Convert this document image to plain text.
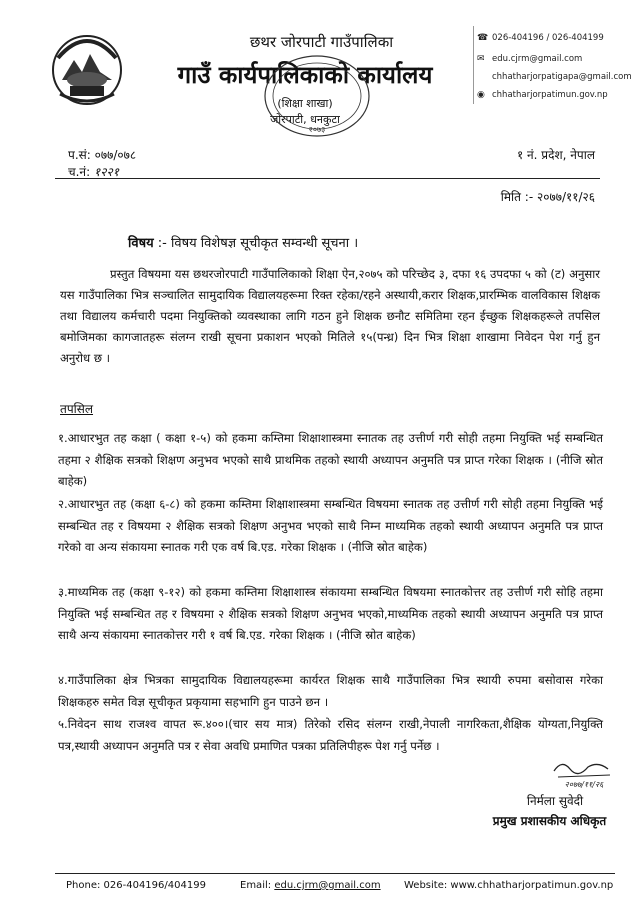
छथर जोरपाटी गाउँपालिका
गाउँ कार्यपालिकाको कार्यालय
(शिक्षा शाखा)
जोरपाटी, धनकुटा
२०७३
☎ 026-404196 / 026-404199
✉ edu.cjrm@gmail.com
chhatharjorpatigapa@gmail.com
◉ chhatharjorpatimun.gov.np
प.सं: ०७७/०७८
च.नं: १२२१
१ नं. प्रदेश, नेपाल
मिति :- २०७७/११/२६
विषय :- विषय विशेषज्ञ सूचीकृत सम्वन्धी सूचना ।
प्रस्तुत विषयमा यस छथरजोरपाटी गाउँपालिकाको शिक्षा ऐन,२०७५ को परिच्छेद ३, दफा १६ उपदफा ५ को (ट) अनुसार यस गाउँपालिका भित्र सञ्चालित सामुदायिक विद्यालयहरूमा रिक्त रहेका/रहने अस्थायी,करार शिक्षक,प्रारम्भिक वालविकास शिक्षक तथा विद्यालय कर्मचारी पदमा नियुक्तिको व्यवस्थाका लागि गठन हुने शिक्षक छनौट समितिमा रहन ईच्छुक शिक्षकहरूले तपसिल बमोजिमका कागजातहरू संलग्न राखी सूचना प्रकाशन भएको मितिले १५(पन्ध्र) दिन भित्र शिक्षा शाखामा निवेदन पेश गर्नु हुन अनुरोध छ ।
तपसिल
१.आधारभुत तह कक्षा ( कक्षा १-५) को हकमा कम्तिमा शिक्षाशास्त्रमा स्नातक तह उत्तीर्ण गरी सोही तहमा नियुक्ति भई सम्बन्धित तहमा २ शैक्षिक सत्रको शिक्षण अनुभव भएको साथै प्राथमिक तहको स्थायी अध्यापन अनुमति पत्र प्राप्त गरेका शिक्षक । (नीजि स्रोत बाहेक)
२.आधारभुत तह (कक्षा ६-८) को हकमा कम्तिमा शिक्षाशास्त्रमा सम्बन्धित विषयमा स्नातक तह उत्तीर्ण गरी सोही तहमा नियुक्ति भई सम्बन्धित तह र विषयमा २ शैक्षिक सत्रको शिक्षण अनुभव भएको साथै निम्न माध्यमिक तहको स्थायी अध्यापन अनुमति पत्र प्राप्त गरेको वा अन्य संकायमा स्नातक गरी एक वर्ष बि.एड. गरेका शिक्षक । (नीजि स्रोत बाहेक)
३.माध्यमिक तह (कक्षा ९-१२) को हकमा कम्तिमा शिक्षाशास्त्र संकायमा सम्बन्धित विषयमा स्नातकोत्तर तह उत्तीर्ण गरी सोहि तहमा नियुक्ति भई सम्बन्धित तह र विषयमा २ शैक्षिक सत्रको शिक्षण अनुभव भएको,माध्यमिक तहको स्थायी अध्यापन अनुमति पत्र प्राप्त साथै अन्य संकायमा स्नातकोत्तर गरी १ वर्ष बि.एड. गरेका शिक्षक । (नीजि स्रोत बाहेक)
४.गाउँपालिका क्षेत्र भित्रका सामुदायिक विद्यालयहरूमा कार्यरत शिक्षक साथै गाउँपालिका भित्र स्थायी रुपमा बसोवास गरेका शिक्षकहरु समेत विज्ञ सूचीकृत प्रकृयामा सहभागि हुन पाउने छन ।
५.निवेदन साथ राजश्व वापत रू.४००।(चार सय मात्र) तिरेको रसिद संलग्न राखी,नेपाली नागरिकता,शैक्षिक योग्यता,नियुक्ति पत्र,स्थायी अध्यापन अनुमति पत्र र सेवा अवधि प्रमाणित पत्रका प्रतिलिपीहरू पेश गर्नु पर्नेछ ।
२०७७/११/२६
निर्मला सुवेदी
प्रमुख प्रशासकीय अधिकृत
Phone: 026-404196/404199	Email: edu.cjrm@gmail.com Website: www.chhatharjorpatimun.gov.np
